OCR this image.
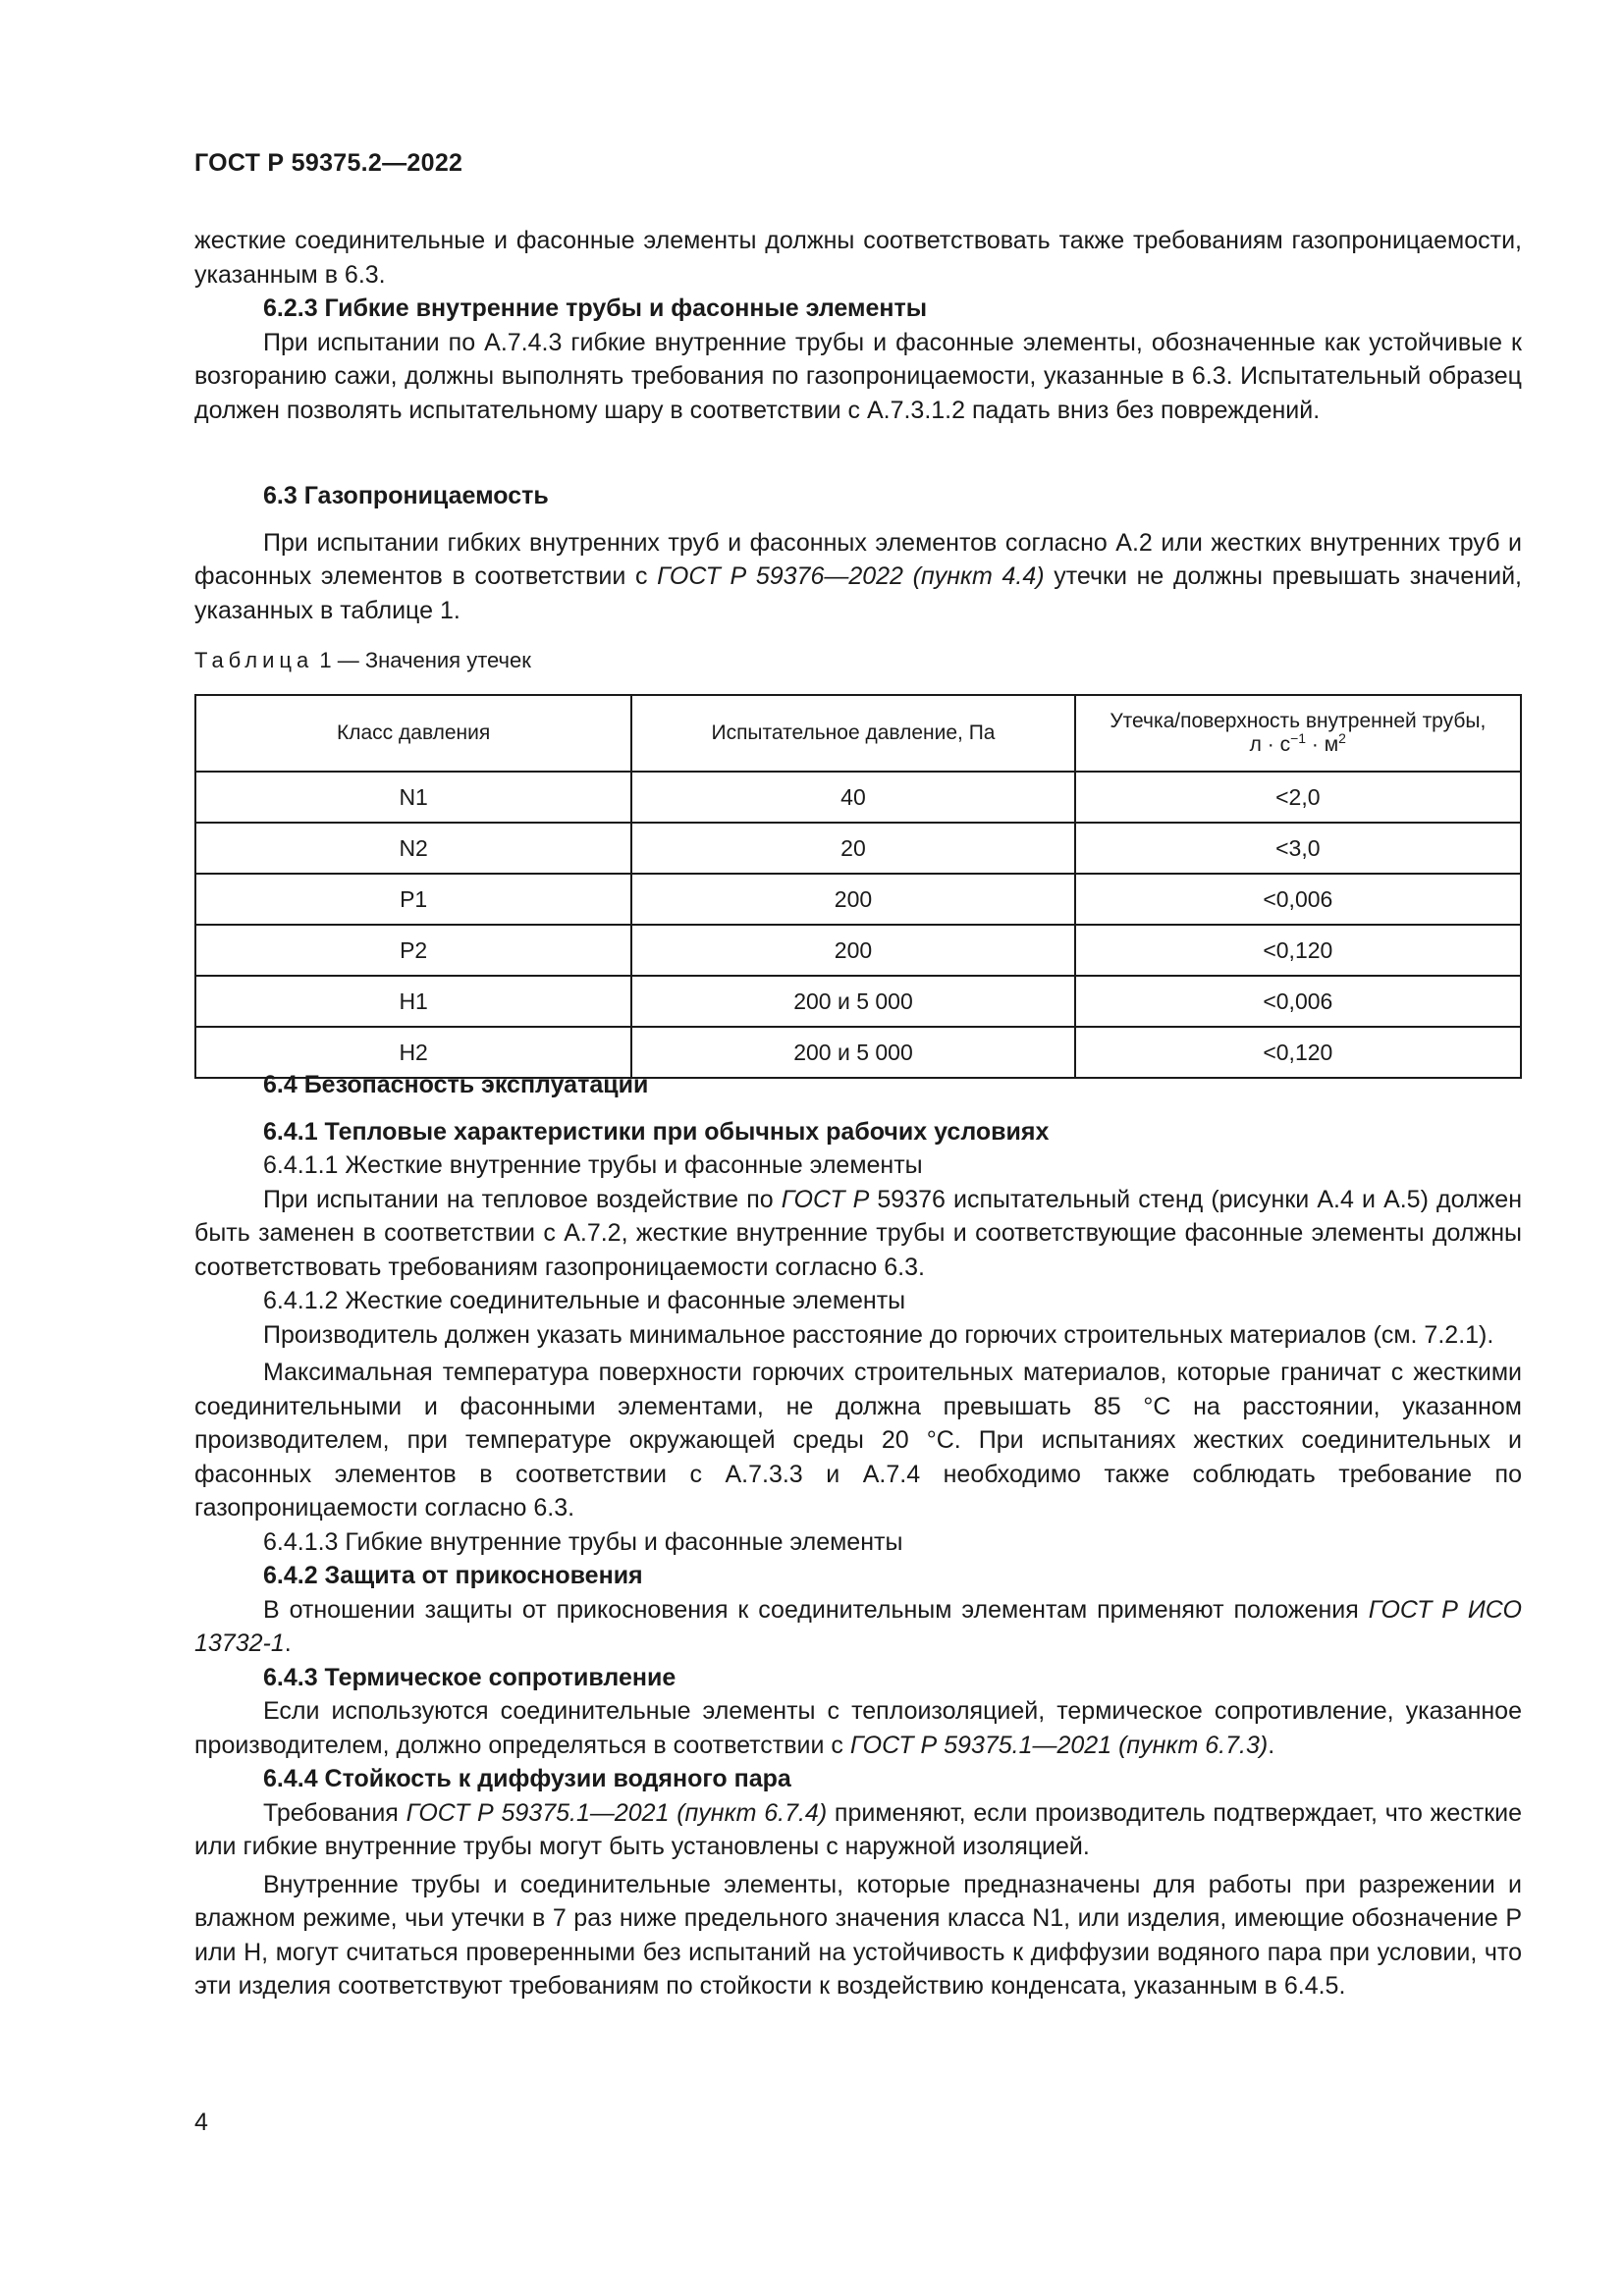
ГОСТ Р 59375.2—2022

жесткие соединительные и фасонные элементы должны соответствовать также требованиям газопроницаемости, указанным в 6.3.

6.2.3 Гибкие внутренние трубы и фасонные элементы

При испытании по А.7.4.3 гибкие внутренние трубы и фасонные элементы, обозначенные как устойчивые к возгоранию сажи, должны выполнять требования по газопроницаемости, указанные в 6.3. Испытательный образец должен позволять испытательному шару в соответствии с А.7.3.1.2 падать вниз без повреждений.

6.3 Газопроницаемость

При испытании гибких внутренних труб и фасонных элементов согласно А.2 или жестких внутренних труб и фасонных элементов в соответствии с ГОСТ Р 59376—2022 (пункт 4.4) утечки не должны превышать значений, указанных в таблице 1.

Таблица 1 — Значения утечек
Класс давления	Испытательное давление, Па	Утечка/поверхность внутренней трубы,
$л \cdot с^{-1} \cdot м^2$
N1	40	<2,0
N2	20	<3,0
P1	200	<0,006
P2	200	<0,120
H1	200 и 5 000	<0,006
H2	200 и 5 000	<0,120

6.4 Безопасность эксплуатации

6.4.1 Тепловые характеристики при обычных рабочих условиях

6.4.1.1 Жесткие внутренние трубы и фасонные элементы

При испытании на тепловое воздействие по ГОСТ Р 59376 испытательный стенд (рисунки А.4 и А.5) должен быть заменен в соответствии с А.7.2, жесткие внутренние трубы и соответствующие фасонные элементы должны соответствовать требованиям газопроницаемости согласно 6.3.

6.4.1.2 Жесткие соединительные и фасонные элементы

Производитель должен указать минимальное расстояние до горючих строительных материалов (см. 7.2.1).

Максимальная температура поверхности горючих строительных материалов, которые граничат с жесткими соединительными и фасонными элементами, не должна превышать 85 °С на расстоянии, указанном производителем, при температуре окружающей среды 20 °С. При испытаниях жестких соединительных и фасонных элементов в соответствии с А.7.3.3 и А.7.4 необходимо также соблюдать требование по газопроницаемости согласно 6.3.

6.4.1.3 Гибкие внутренние трубы и фасонные элементы

6.4.2 Защита от прикосновения

В отношении защиты от прикосновения к соединительным элементам применяют положения ГОСТ Р ИСО 13732-1.

6.4.3 Термическое сопротивление

Если используются соединительные элементы с теплоизоляцией, термическое сопротивление, указанное производителем, должно определяться в соответствии с ГОСТ Р 59375.1—2021 (пункт 6.7.3).

6.4.4 Стойкость к диффузии водяного пара

Требования ГОСТ Р 59375.1—2021 (пункт 6.7.4) применяют, если производитель подтверждает, что жесткие или гибкие внутренние трубы могут быть установлены с наружной изоляцией.

Внутренние трубы и соединительные элементы, которые предназначены для работы при разрежении и влажном режиме, чьи утечки в 7 раз ниже предельного значения класса N1, или изделия, имеющие обозначение Р или Н, могут считаться проверенными без испытаний на устойчивость к диффузии водяного пара при условии, что эти изделия соответствуют требованиям по стойкости к воздействию конденсата, указанным в 6.4.5.

4
